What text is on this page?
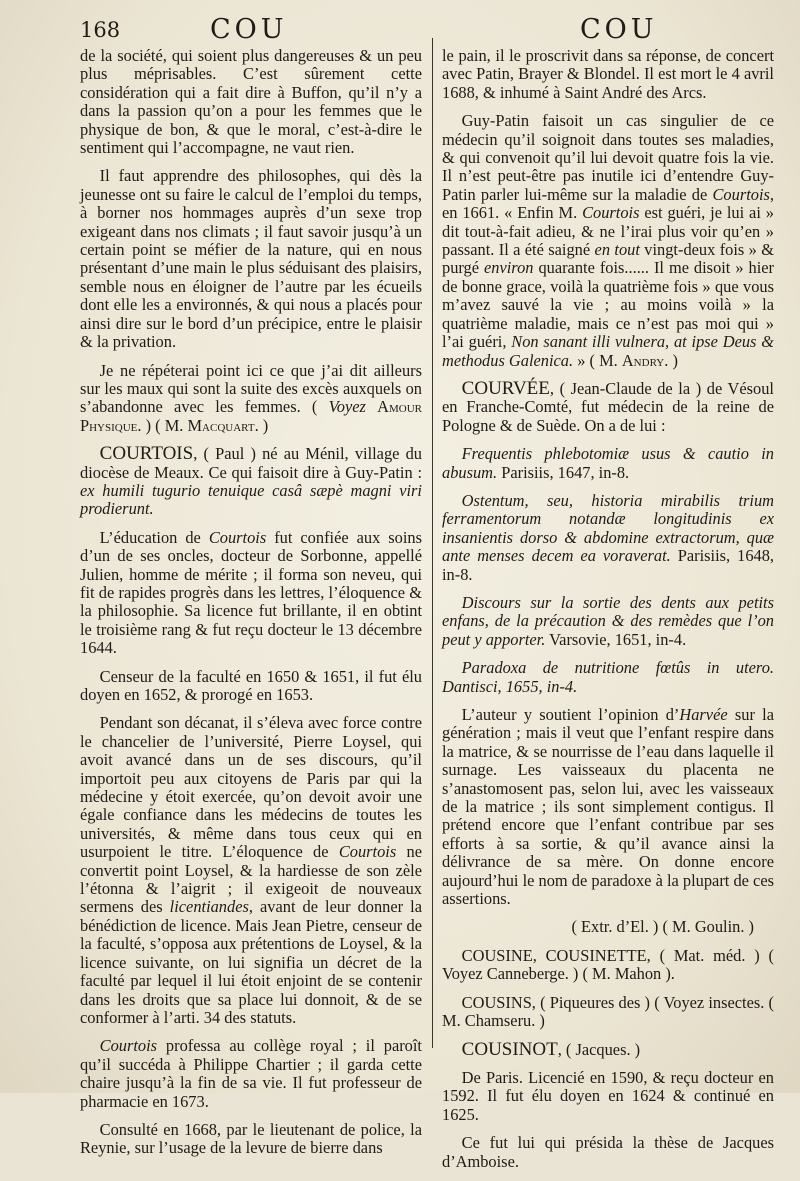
168	COU	COU

de la société, qui soient plus dangereuses & un peu plus méprisables. C’est sûrement cette considération qui a fait dire à Buffon, qu’il n’y a dans la passion qu’on a pour les femmes que le physique de bon, & que le moral, c’est-à-dire le sentiment qui l’accompagne, ne vaut rien.

Il faut apprendre des philosophes, qui dès la jeunesse ont su faire le calcul de l’emploi du temps, à borner nos hommages auprès d’un sexe trop exigeant dans nos climats ; il faut savoir jusqu’à un certain point se méfier de la nature, qui en nous présentant d’une main le plus séduisant des plaisirs, semble nous en éloigner de l’autre par les écueils dont elle les a environnés, & qui nous a placés pour ainsi dire sur le bord d’un précipice, entre le plaisir & la privation.

Je ne répéterai point ici ce que j’ai dit ailleurs sur les maux qui sont la suite des excès auxquels on s’abandonne avec les femmes. ( Voyez Amour Physique. ) ( M. Macquart. )

COURTOIS, ( Paul ) né au Ménil, village du diocèse de Meaux. Ce qui faisoit dire à Guy-Patin : ex humili tugurio tenuique casâ sæpè magni viri prodierunt.

L’éducation de Courtois fut confiée aux soins d’un de ses oncles, docteur de Sorbonne, appellé Julien, homme de mérite ; il forma son neveu, qui fit de rapides progrès dans les lettres, l’éloquence & la philosophie. Sa licence fut brillante, il en obtint le troisième rang & fut reçu docteur le 13 décembre 1644.

Censeur de la faculté en 1650 & 1651, il fut élu doyen en 1652, & prorogé en 1653.

Pendant son décanat, il s’éleva avec force contre le chancelier de l’université, Pierre Loysel, qui avoit avancé dans un de ses discours, qu’il importoit peu aux citoyens de Paris par qui la médecine y étoit exercée, qu’on devoit avoir une égale confiance dans les médecins de toutes les universités, & même dans tous ceux qui en usurpoient le titre. L’éloquence de Courtois ne convertit point Loysel, & la hardiesse de son zèle l’étonna & l’aigrit ; il exigeoit de nouveaux sermens des licentiandes, avant de leur donner la bénédiction de licence. Mais Jean Pietre, censeur de la faculté, s’opposa aux prétentions de Loysel, & la licence suivante, on lui signifia un décret de la faculté par lequel il lui étoit enjoint de se contenir dans les droits que sa place lui donnoit, & de se conformer à l’arti. 34 des statuts.

Courtois professa au collège royal ; il paroît qu’il succéda à Philippe Chartier ; il garda cette chaire jusqu’à la fin de sa vie. Il fut professeur de pharmacie en 1673.

Consulté en 1668, par le lieutenant de police, la Reynie, sur l’usage de la levure de bierre dans

le pain, il le proscrivit dans sa réponse, de concert avec Patin, Brayer & Blondel. Il est mort le 4 avril 1688, & inhumé à Saint André des Arcs.

Guy-Patin faisoit un cas singulier de ce médecin qu’il soignoit dans toutes ses maladies, & qui convenoit qu’il lui devoit quatre fois la vie. Il n’est peut-être pas inutile ici d’entendre Guy-Patin parler lui-même sur la maladie de Courtois, en 1661. « Enfin M. Courtois est guéri, je lui ai » dit tout-à-fait adieu, & ne l’irai plus voir qu’en » passant. Il a été saigné en tout vingt-deux fois » & purgé environ quarante fois...... Il me disoit » hier de bonne grace, voilà la quatrième fois » que vous m’avez sauvé la vie ; au moins voilà » la quatrième maladie, mais ce n’est pas moi qui » l’ai guéri, Non sanant illi vulnera, at ipse Deus & methodus Galenica. » ( M. Andry. )

COURVÉE, ( Jean-Claude de la ) de Vésoul en Franche-Comté, fut médecin de la reine de Pologne & de Suède. On a de lui :

Frequentis phlebotomiæ usus & cautio in abusum. Parisiis, 1647, in-8.

Ostentum, seu, historia mirabilis trium ferramentorum notandæ longitudinis ex insanientis dorso & abdomine extractorum, quæ ante menses decem ea voraverat. Parisiis, 1648, in-8.

Discours sur la sortie des dents aux petits enfans, de la précaution & des remèdes que l’on peut y apporter. Varsovie, 1651, in-4.

Paradoxa de nutritione fœtûs in utero. Dantisci, 1655, in-4.

L’auteur y soutient l’opinion d’Harvée sur la génération ; mais il veut que l’enfant respire dans la matrice, & se nourrisse de l’eau dans laquelle il surnage. Les vaisseaux du placenta ne s’anastomosent pas, selon lui, avec les vaisseaux de la matrice ; ils sont simplement contigus. Il prétend encore que l’enfant contribue par ses efforts à sa sortie, & qu’il avance ainsi la délivrance de sa mère. On donne encore aujourd’hui le nom de paradoxe à la plupart de ces assertions.

( Extr. d’El. ) ( M. Goulin. )

COUSINE, COUSINETTE, ( Mat. méd. ) ( Voyez Canneberge. ) ( M. Mahon ).

COUSINS, ( Piqueures des ) ( Voyez insectes. ( M. Chamseru. )

COUSINOT, ( Jacques. )

De Paris. Licencié en 1590, & reçu docteur en 1592. Il fut élu doyen en 1624 & continué en 1625.

Ce fut lui qui présida la thèse de Jacques d’Amboise.
